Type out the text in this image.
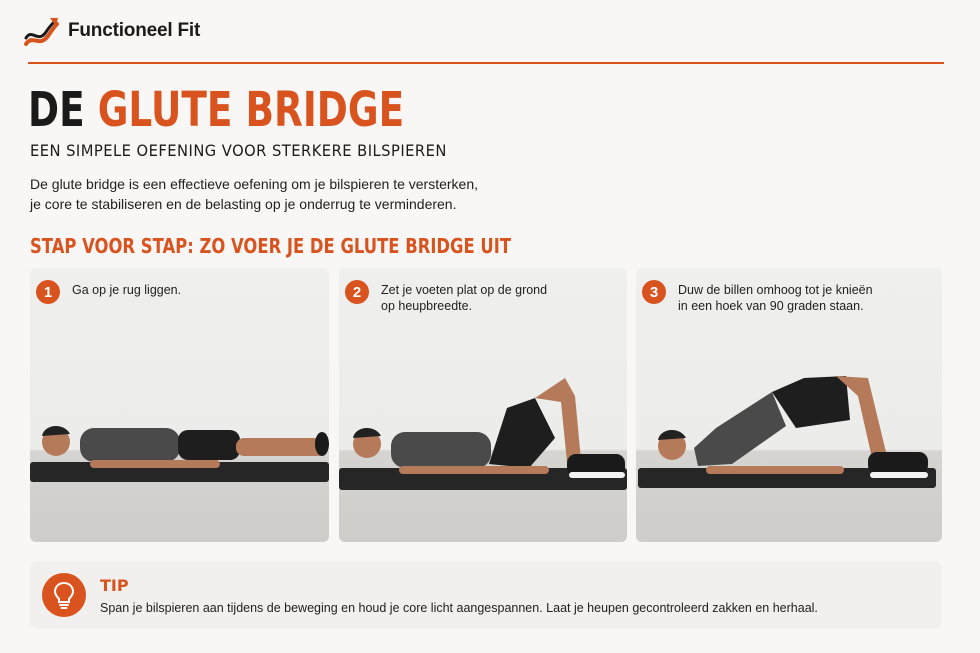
Functioneel Fit
DE GLUTE BRIDGE
EEN SIMPELE OEFENING VOOR STERKERE BILSPIEREN

De glute bridge is een effectieve oefening om je bilspieren te versterken,

je core te stabiliseren en de belasting op je onderrug te verminderen.

STAP VOOR STAP: ZO VOER JE DE GLUTE BRIDGE UIT
1	Ga op je rug liggen.	2	Zet je voeten plat op de grond
op heupbreedte.
3	Duw de billen omhoog tot je knieën
in een hoek van 90 graden staan.
TIP
Span je bilspieren aan tijdens de beweging en houd je core licht aangespannen. Laat je heupen gecontroleerd zakken en herhaal.
